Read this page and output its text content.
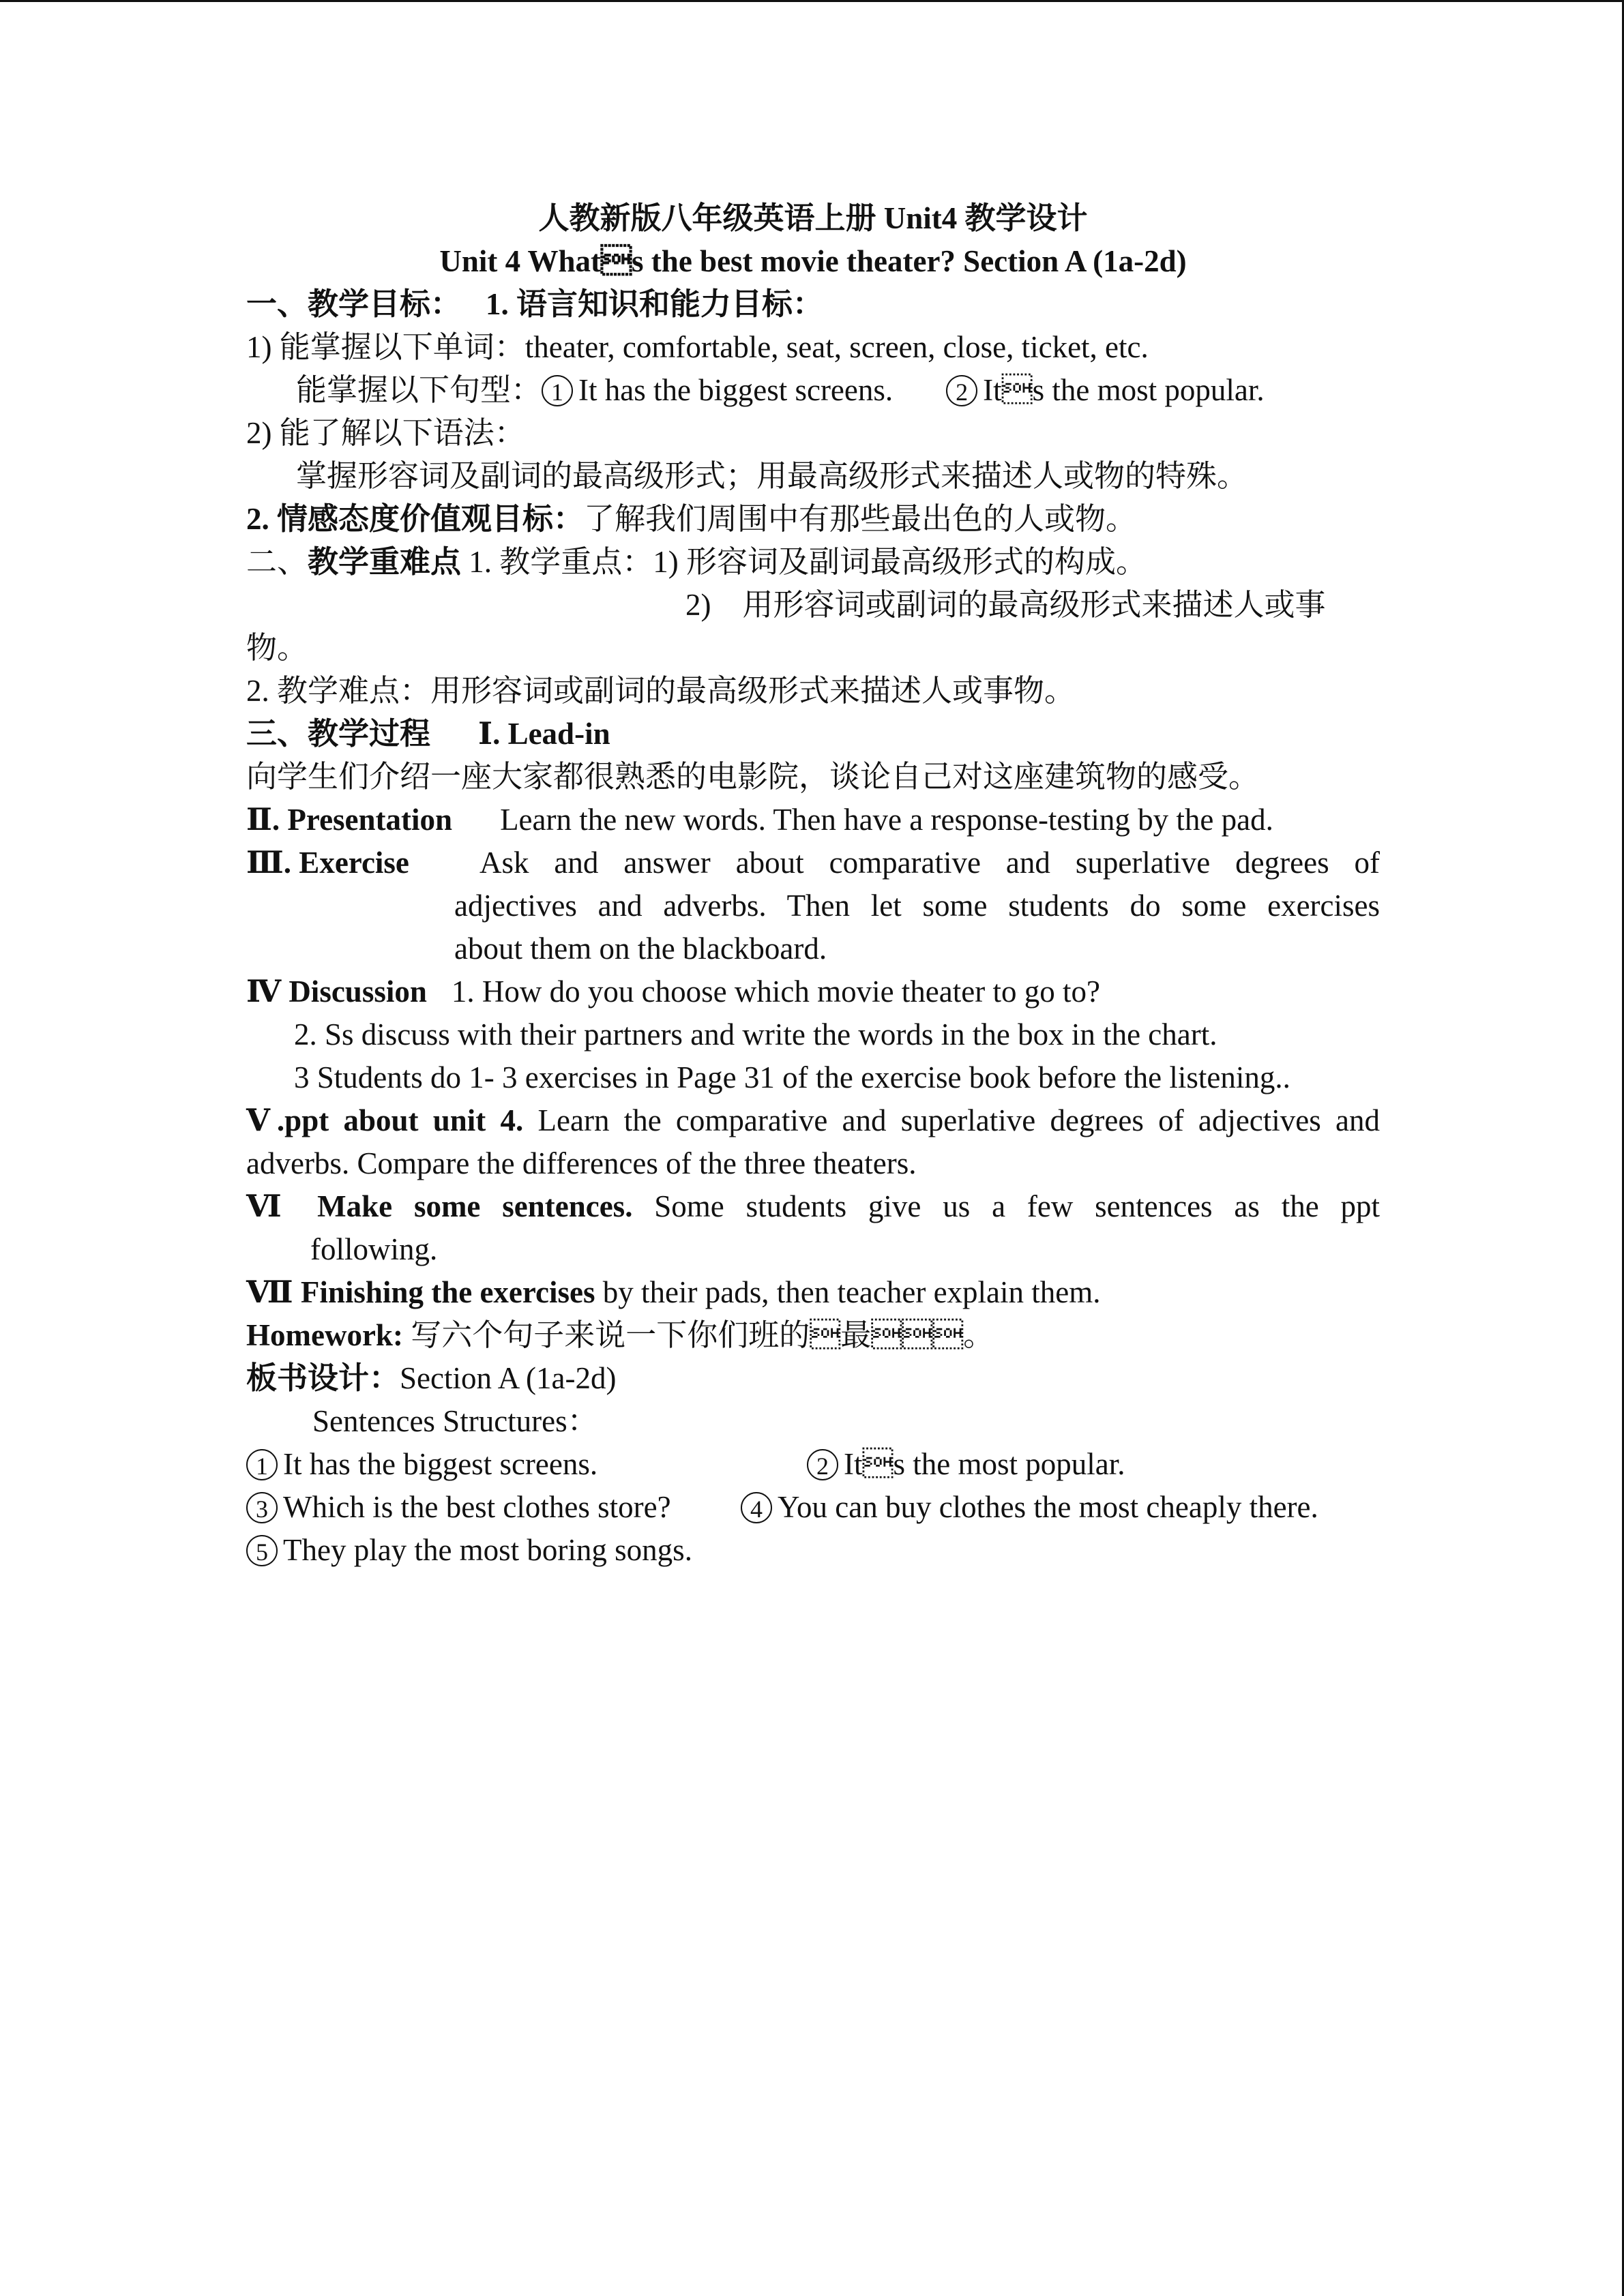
人教新版八年级英语上册 Unit4 教学设计
Unit 4 Whats the best movie theater? Section A (1a-2d)
一、教学目标： 1. 语言知识和能力目标：
1) 能掌握以下单词：theater, comfortable, seat, screen, close, ticket, etc.
能掌握以下句型： 1 It has the biggest screens.	2 Its the most popular.
2) 能了解以下语法：
掌握形容词及副词的最高级形式；用最高级形式来描述人或物的特殊。
2. 情感态度价值观目标：了解我们周围中有那些最出色的人或物。
二、教学重难点 1. 教学重点：1) 形容词及副词最高级形式的构成。
2) 用形容词或副词的最高级形式来描述人或事
物。
2. 教学难点：用形容词或副词的最高级形式来描述人或事物。
三、教学过程 Ⅰ. Lead-in
向学生们介绍一座大家都很熟悉的电影院，谈论自己对这座建筑物的感受。
Ⅱ. Presentation Learn the new words. Then have a response-testing by the pad.
Ⅲ. Exercise Ask and answer about comparative and superlative degrees of
adjectives and adverbs. Then let some students do some exercises
about them on the blackboard.
Ⅳ Discussion 1. How do you choose which movie theater to go to?
2. Ss discuss with their partners and write the words in the box in the chart.
3 Students do 1- 3 exercises in Page 31 of the exercise book before the listening..
Ⅴ.ppt about unit 4. Learn the comparative and superlative degrees of adjectives and
adverbs. Compare the differences of the three theaters.
Ⅵ Make some sentences. Some students give us a few sentences as the ppt
following.
Ⅶ Finishing the exercises by their pads, then teacher explain them.
Homework: 写六个句子来说一下你们班的最。
板书设计：Section A (1a-2d)
Sentences Structures：
1 It has the biggest screens.	2 Its the most popular.
3 Which is the best clothes store?	4 You can buy clothes the most cheaply there.
5 They play the most boring songs.
